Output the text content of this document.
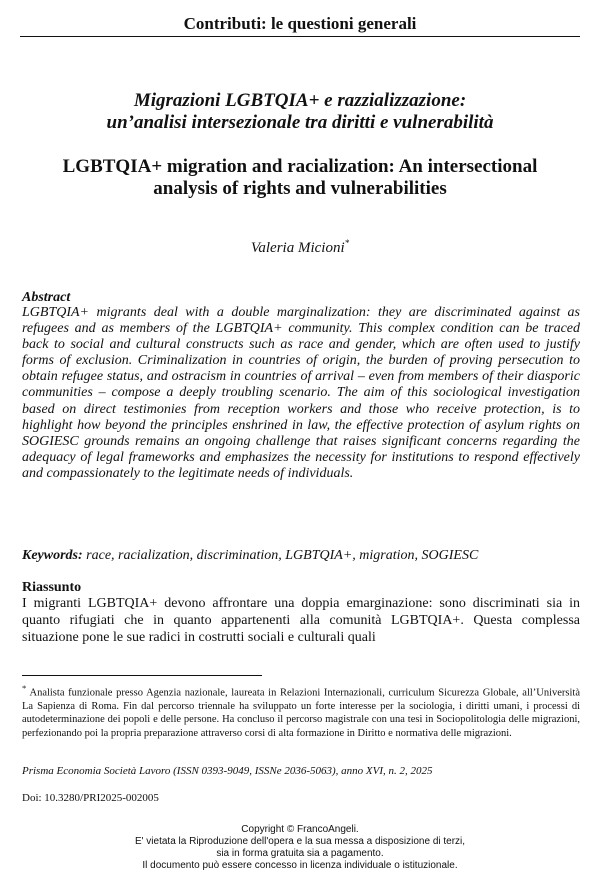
Contributi: le questioni generali
Migrazioni LGBTQIA+ e razzializzazione:
un’analisi intersezionale tra diritti e vulnerabilità
LGBTQIA+ migration and racialization: An intersectional
analysis of rights and vulnerabilities
Valeria Micioni*
Abstract
LGBTQIA+ migrants deal with a double marginalization: they are discriminated against as refugees and as members of the LGBTQIA+ community. This complex condition can be traced back to social and cultural constructs such as race and gender, which are often used to justify forms of exclusion. Criminalization in countries of origin, the burden of proving persecution to obtain refugee status, and ostracism in countries of arrival – even from members of their diasporic communities – compose a deeply troubling scenario. The aim of this sociological investigation based on direct testimonies from reception workers and those who receive protection, is to highlight how beyond the principles enshrined in law, the effective protection of asylum rights on SOGIESC grounds remains an ongoing challenge that raises significant concerns regarding the adequacy of legal frameworks and emphasizes the necessity for institutions to respond effectively and compassionately to the legitimate needs of individuals.
Keywords: race, racialization, discrimination, LGBTQIA+, migration, SOGIESC
Riassunto
I migranti LGBTQIA+ devono affrontare una doppia emarginazione: sono discriminati sia in quanto rifugiati che in quanto appartenenti alla comunità LGBTQIA+. Questa complessa situazione pone le sue radici in costrutti sociali e culturali quali
* Analista funzionale presso Agenzia nazionale, laureata in Relazioni Internazionali, curriculum Sicurezza Globale, all’Università La Sapienza di Roma. Fin dal percorso triennale ha sviluppato un forte interesse per la sociologia, i diritti umani, i processi di autodeterminazione dei popoli e delle persone. Ha concluso il percorso magistrale con una tesi in Sociopolitologia delle migrazioni, perfezionando poi la propria preparazione attraverso corsi di alta formazione in Diritto e normativa delle migrazioni.
Prisma Economia Società Lavoro (ISSN 0393-9049, ISSNe 2036-5063), anno XVI, n. 2, 2025
Doi: 10.3280/PRI2025-002005
Copyright © FrancoAngeli.
E' vietata la Riproduzione dell'opera e la sua messa a disposizione di terzi,
sia in forma gratuita sia a pagamento.
Il documento può essere concesso in licenza individuale o istituzionale.
